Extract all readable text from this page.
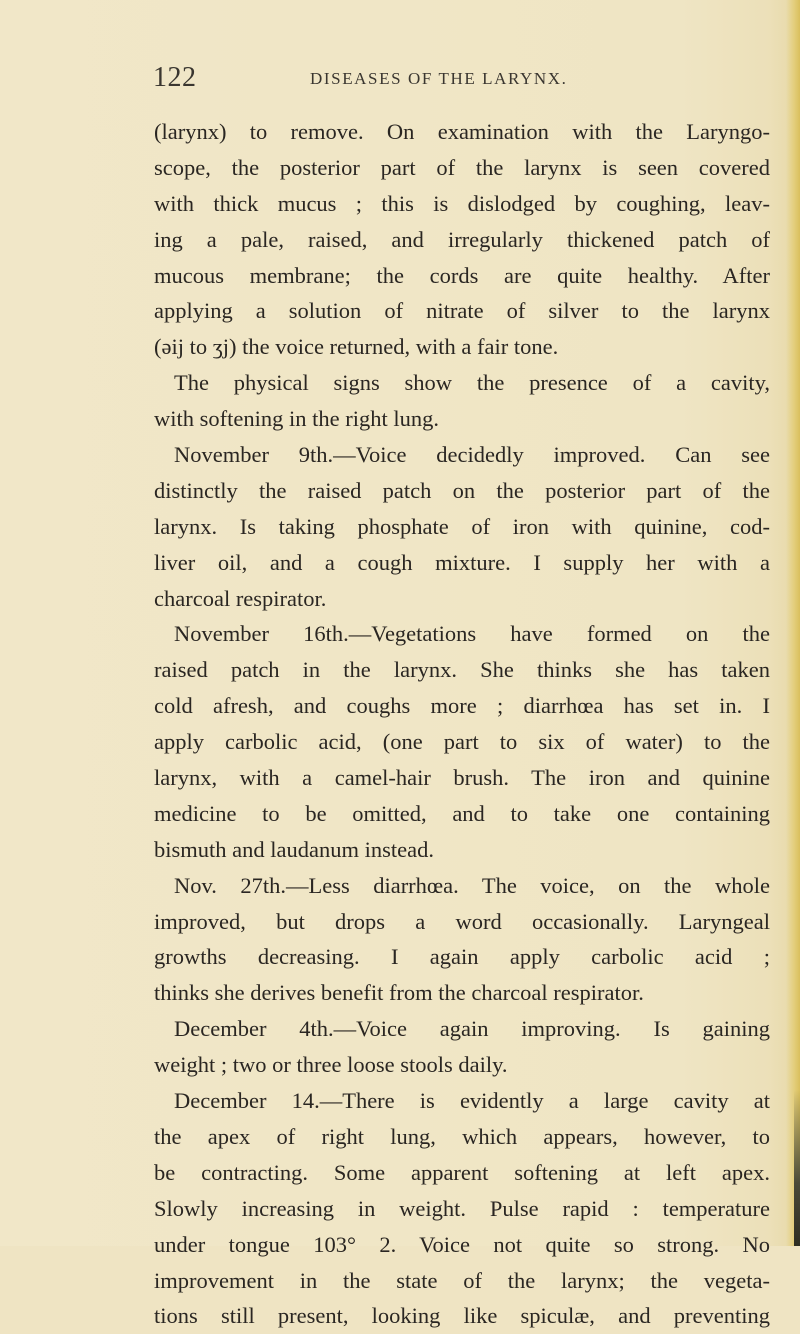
122	DISEASES OF THE LARYNX.
(larynx) to remove. On examination with the Laryngo-
scope, the posterior part of the larynx is seen covered
with thick mucus ; this is dislodged by coughing, leav-
ing a pale, raised, and irregularly thickened patch of
mucous membrane; the cords are quite healthy. After
applying a solution of nitrate of silver to the larynx
(əij to ʒj) the voice returned, with a fair tone.
The physical signs show the presence of a cavity,
with softening in the right lung.
November 9th.—Voice decidedly improved. Can see
distinctly the raised patch on the posterior part of the
larynx. Is taking phosphate of iron with quinine, cod-
liver oil, and a cough mixture. I supply her with a
charcoal respirator.
November 16th.—Vegetations have formed on the
raised patch in the larynx. She thinks she has taken
cold afresh, and coughs more ; diarrhœa has set in. I
apply carbolic acid, (one part to six of water) to the
larynx, with a camel-hair brush. The iron and quinine
medicine to be omitted, and to take one containing
bismuth and laudanum instead.
Nov. 27th.—Less diarrhœa. The voice, on the whole
improved, but drops a word occasionally. Laryngeal
growths decreasing. I again apply carbolic acid ;
thinks she derives benefit from the charcoal respirator.
December 4th.—Voice again improving. Is gaining
weight ; two or three loose stools daily.
December 14.—There is evidently a large cavity at
the apex of right lung, which appears, however, to
be contracting. Some apparent softening at left apex.
Slowly increasing in weight. Pulse rapid : temperature
under tongue 103° 2. Voice not quite so strong. No
improvement in the state of the larynx; the vegeta-
tions still present, looking like spiculæ, and preventing
